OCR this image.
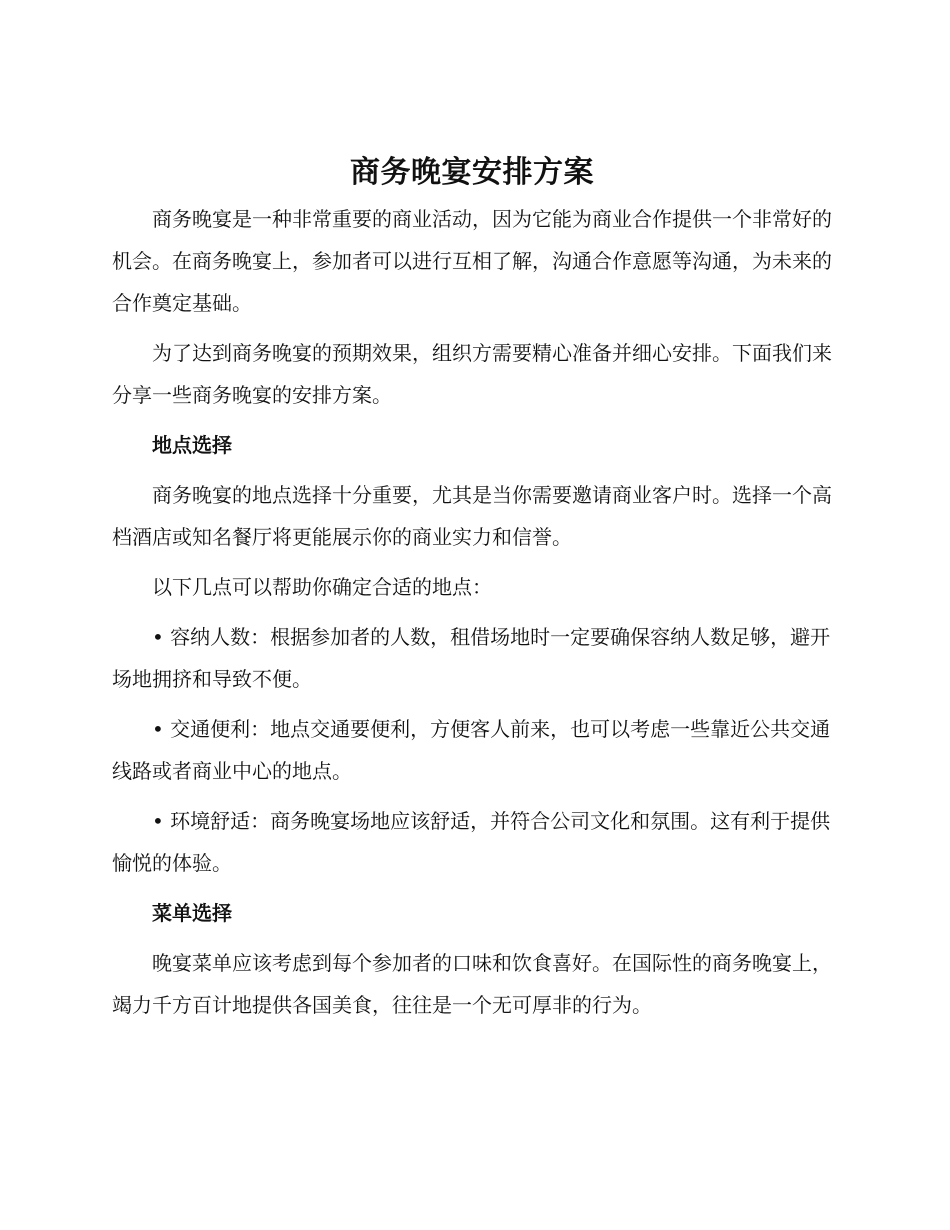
商务晚宴安排方案

商务晚宴是一种非常重要的商业活动，因为它能为商业合作提供一个非常好的机会。在商务晚宴上，参加者可以进行互相了解，沟通合作意愿等沟通，为未来的合作奠定基础。

为了达到商务晚宴的预期效果，组织方需要精心准备并细心安排。下面我们来分享一些商务晚宴的安排方案。

地点选择

商务晚宴的地点选择十分重要，尤其是当你需要邀请商业客户时。选择一个高档酒店或知名餐厅将更能展示你的商业实力和信誉。

以下几点可以帮助你确定合适的地点：

• 容纳人数：根据参加者的人数，租借场地时一定要确保容纳人数足够，避开场地拥挤和导致不便。

• 交通便利：地点交通要便利，方便客人前来，也可以考虑一些靠近公共交通线路或者商业中心的地点。

• 环境舒适：商务晚宴场地应该舒适，并符合公司文化和氛围。这有利于提供愉悦的体验。

菜单选择

晚宴菜单应该考虑到每个参加者的口味和饮食喜好。在国际性的商务晚宴上，竭力千方百计地提供各国美食，往往是一个无可厚非的行为。
